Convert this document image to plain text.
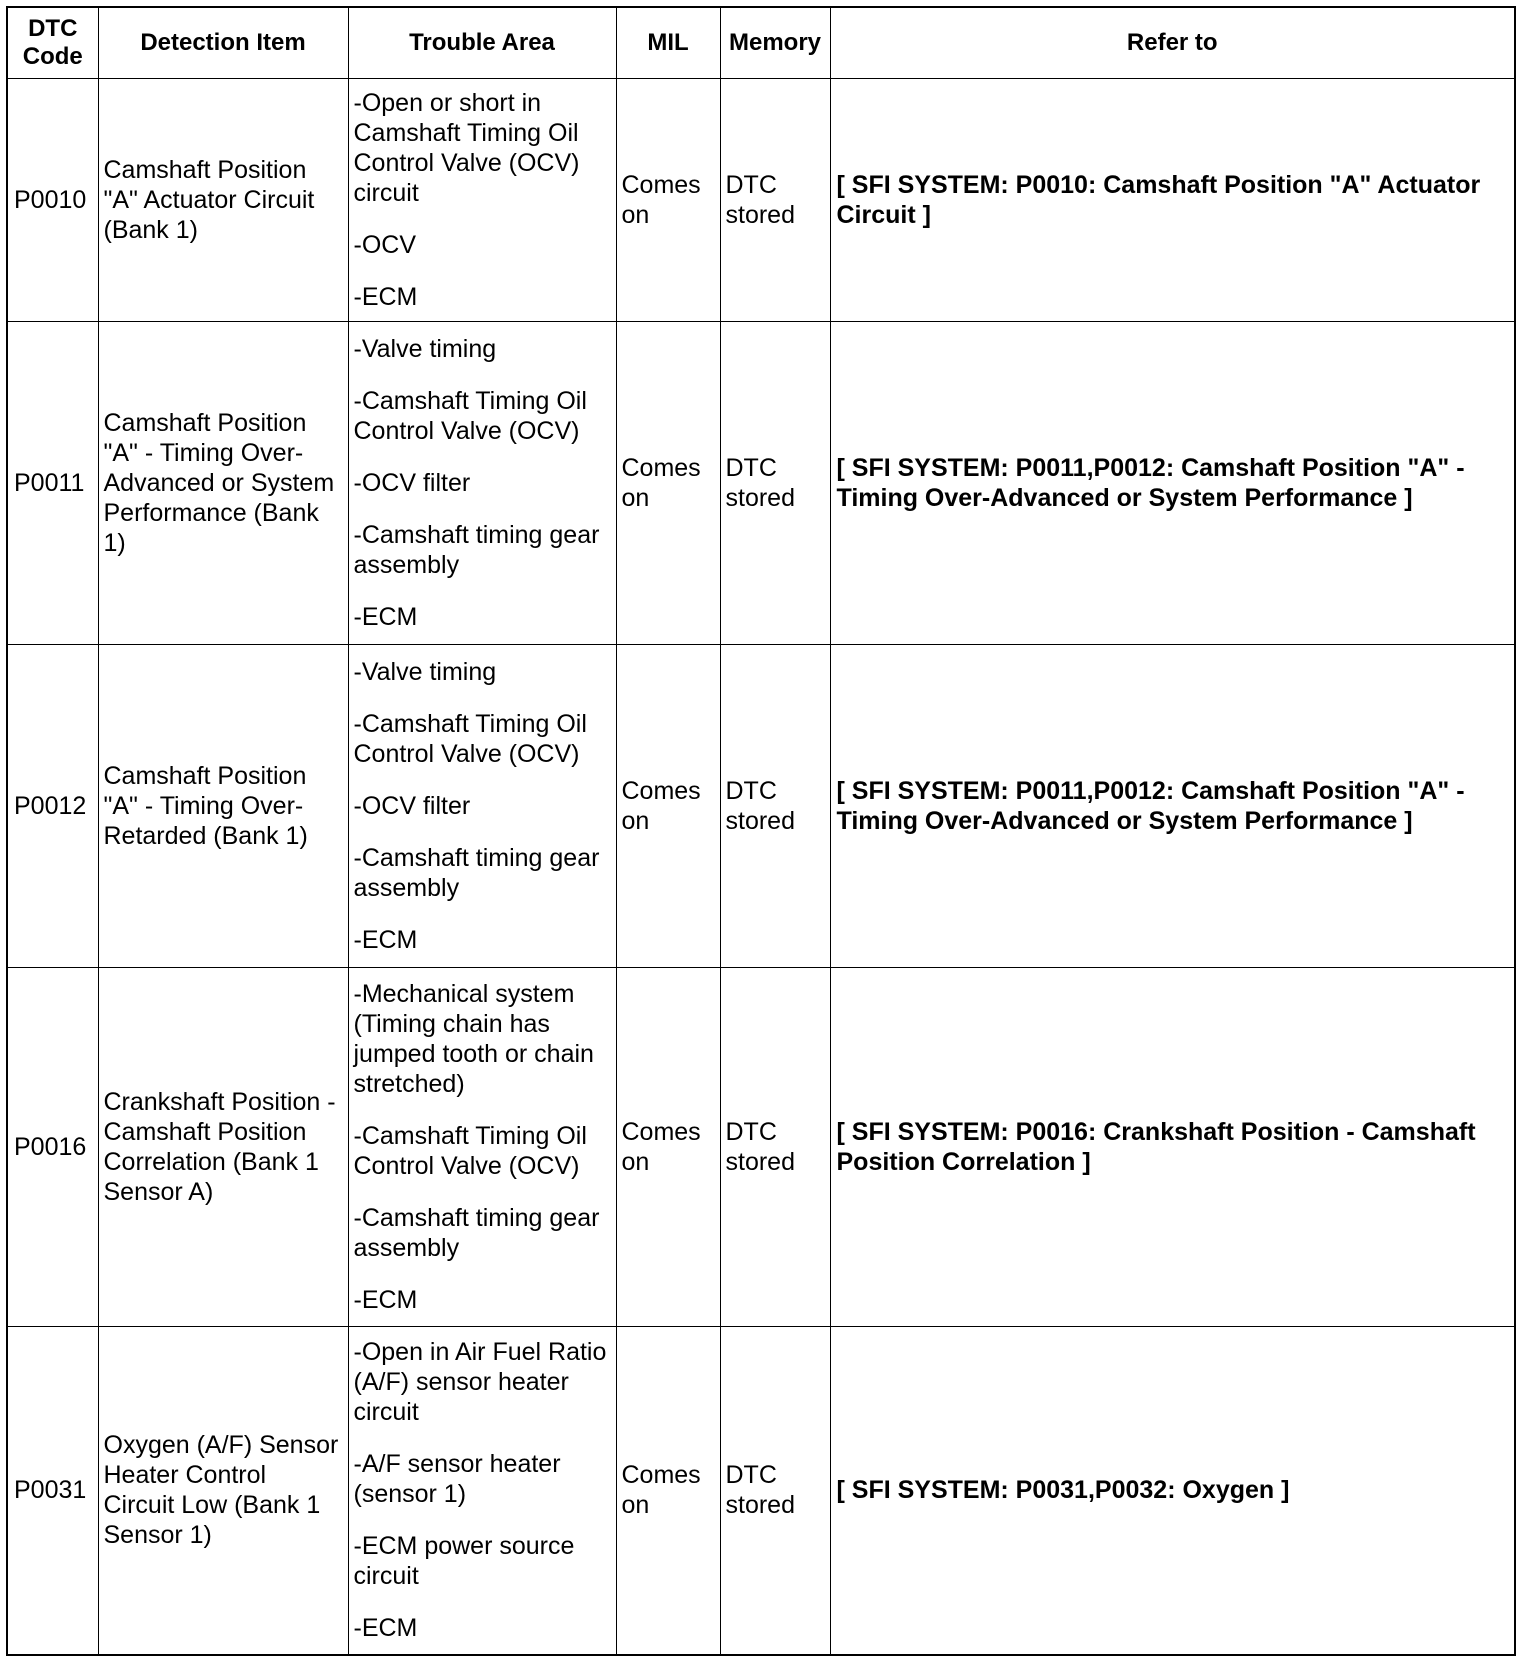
DTC
Code	Detection Item	Trouble Area	MIL	Memory	Refer to
P0010	Camshaft Position "A" Actuator Circuit (Bank 1)	-Open or short in Camshaft Timing Oil Control Valve (OCV) circuit
-OCV
-ECM	Comes on	DTC stored	[ SFI SYSTEM: P0010: Camshaft Position "A" Actuator Circuit ]
P0011	Camshaft Position "A" - Timing Over-Advanced or System Performance (Bank 1)	-Valve timing
-Camshaft Timing Oil Control Valve (OCV)
-OCV filter
-Camshaft timing gear assembly
-ECM	Comes on	DTC stored	[ SFI SYSTEM: P0011,P0012: Camshaft Position "A" - Timing Over-Advanced or System Performance ]
P0012	Camshaft Position "A" - Timing Over-Retarded (Bank 1)	-Valve timing
-Camshaft Timing Oil Control Valve (OCV)
-OCV filter
-Camshaft timing gear assembly
-ECM	Comes on	DTC stored	[ SFI SYSTEM: P0011,P0012: Camshaft Position "A" - Timing Over-Advanced or System Performance ]
P0016	Crankshaft Position - Camshaft Position Correlation (Bank 1 Sensor A)	-Mechanical system (Timing chain has jumped tooth or chain stretched)
-Camshaft Timing Oil Control Valve (OCV)
-Camshaft timing gear assembly
-ECM	Comes on	DTC stored	[ SFI SYSTEM: P0016: Crankshaft Position - Camshaft Position Correlation ]
P0031	Oxygen (A/F) Sensor Heater Control Circuit Low (Bank 1 Sensor 1)	-Open in Air Fuel Ratio (A/F) sensor heater circuit
-A/F sensor heater (sensor 1)
-ECM power source circuit
-ECM	Comes on	DTC stored	[ SFI SYSTEM: P0031,P0032: Oxygen ]
